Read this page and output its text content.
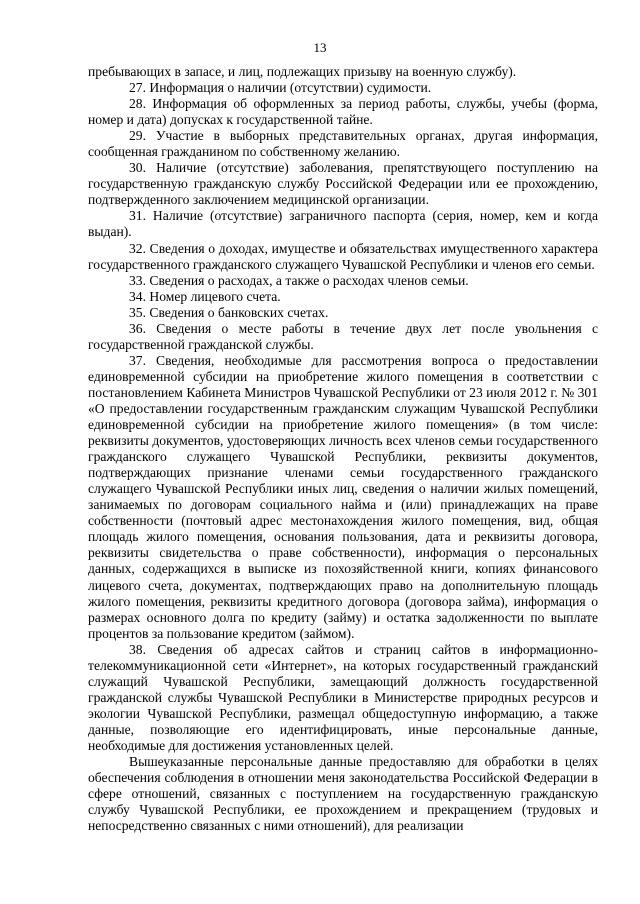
13

пребывающих в запасе, и лиц, подлежащих призыву на военную службу).

27. Информация о наличии (отсутствии) судимости.

28. Информация об оформленных за период работы, службы, учебы (форма, номер и дата) допусках к государственной тайне.

29. Участие в выборных представительных органах, другая информация, сообщенная гражданином по собственному желанию.

30. Наличие (отсутствие) заболевания, препятствующего поступлению на государственную гражданскую службу Российской Федерации или ее прохождению, подтвержденного заключением медицинской организации.

31. Наличие (отсутствие) заграничного паспорта (серия, номер, кем и когда выдан).

32. Сведения о доходах, имуществе и обязательствах имущественного характера государственного гражданского служащего Чувашской Республики и членов его семьи.

33. Сведения о расходах, а также о расходах членов семьи.

34. Номер лицевого счета.

35. Сведения о банковских счетах.

36. Сведения о месте работы в течение двух лет после увольнения с государственной гражданской службы.

37. Сведения, необходимые для рассмотрения вопроса о предоставлении единовременной субсидии на приобретение жилого помещения в соответствии с постановлением Кабинета Министров Чувашской Республики от 23 июля 2012 г. № 301 «О предоставлении государственным гражданским служащим Чувашской Республики единовременной субсидии на приобретение жилого помещения» (в том числе: реквизиты документов, удостоверяющих личность всех членов семьи государственного гражданского служащего Чувашской Республики, реквизиты документов, подтверждающих признание членами семьи государственного гражданского служащего Чувашской Республики иных лиц, сведения о наличии жилых помещений, занимаемых по договорам социального найма и (или) принадлежащих на праве собственности (почтовый адрес местонахождения жилого помещения, вид, общая площадь жилого помещения, основания пользования, дата и реквизиты договора, реквизиты свидетельства о праве собственности), информация о персональных данных, содержащихся в выписке из похозяйственной книги, копиях финансового лицевого счета, документах, подтверждающих право на дополнительную площадь жилого помещения, реквизиты кредитного договора (договора займа), информация о размерах основного долга по кредиту (займу) и остатка задолженности по выплате процентов за пользование кредитом (займом).

38. Сведения об адресах сайтов и страниц сайтов в информационно-телекоммуникационной сети «Интернет», на которых государственный гражданский служащий Чувашской Республики, замещающий должность государственной гражданской службы Чувашской Республики в Министерстве природных ресурсов и экологии Чувашской Республики, размещал общедоступную информацию, а также данные, позволяющие его идентифицировать, иные персональные данные, необходимые для достижения установленных целей.

Вышеуказанные персональные данные предоставляю для обработки в целях обеспечения соблюдения в отношении меня законодательства Российской Федерации в сфере отношений, связанных с поступлением на государственную гражданскую службу Чувашской Республики, ее прохождением и прекращением (трудовых и непосредственно связанных с ними отношений), для реализации
